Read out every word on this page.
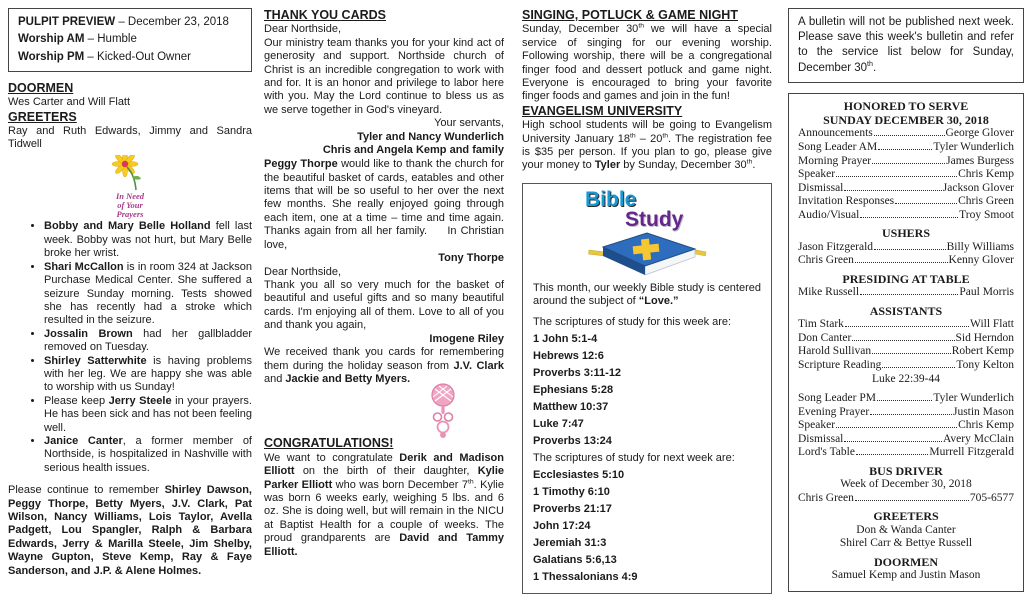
PULPIT PREVIEW – December 23, 2018
Worship AM – Humble
Worship PM – Kicked-Out Owner
DOORMEN

Wes Carter and Will Flatt

GREETERS

Ray and Ruth Edwards, Jimmy and Sandra Tidwell

In Need
of Your
Prayers
• Bobby and Mary Belle Holland fell last week. Bobby was not hurt, but Mary Belle broke her wrist.
• Shari McCallon is in room 324 at Jackson Purchase Medical Center. She suffered a seizure Sunday morning. Tests showed she has recently had a stroke which resulted in the seizure.
• Jossalin Brown had her gallbladder removed on Tuesday.
• Shirley Satterwhite is having problems with her leg. We are happy she was able to worship with us Sunday!
• Please keep Jerry Steele in your prayers. He has been sick and has not been feeling well.
• Janice Canter, a former member of Northside, is hospitalized in Nashville with serious health issues.

Please continue to remember Shirley Dawson, Peggy Thorpe, Betty Myers, J.V. Clark, Pat Wilson, Nancy Williams, Lois Taylor, Avella Padgett, Lou Spangler, Ralph & Barbara Edwards, Jerry & Marilla Steele, Jim Shelby, Wayne Gupton, Steve Kemp, Ray & Faye Sanderson, and J.P. & Alene Holmes.

THANK YOU CARDS

Dear Northside,

Our ministry team thanks you for your kind act of generosity and support. Northside church of Christ is an incredible congregation to work with and for. It is an honor and privilege to labor here with you. May the Lord continue to bless us as we serve together in God's vineyard.

Your servants,

Tyler and Nancy Wunderlich

Chris and Angela Kemp and family

Peggy Thorpe would like to thank the church for the beautiful basket of cards, eatables and other items that will be so useful to her over the next few months. She really enjoyed going through each item, one at a time – time and time again. Thanks again from all her family.     In Christian love,

Tony Thorpe

Dear Northside,

Thank you all so very much for the basket of beautiful and useful gifts and so many beautiful cards. I'm enjoying all of them. Love to all of you and thank you again,

Imogene Riley

We received thank you cards for remembering them during the holiday season from J.V. Clark and Jackie and Betty Myers.

CONGRATULATIONS!

We want to congratulate Derik and Madison Elliott on the birth of their daughter, Kylie Parker Elliott who was born December 7th. Kylie was born 6 weeks early, weighing 5 lbs. and 6 oz. She is doing well, but will remain in the NICU at Baptist Health for a couple of weeks. The proud grandparents are David and Tammy Elliott.

SINGING, POTLUCK & GAME NIGHT

Sunday, December 30th we will have a special service of singing for our evening worship. Following worship, there will be a congregational finger food and dessert potluck and game night. Everyone is encouraged to bring your favorite finger foods and games and join in the fun!

EVANGELISM UNIVERSITY

High school students will be going to Evangelism University January 18th – 20th. The registration fee is $35 per person. If you plan to go, please give your money to Tyler by Sunday, December 30th.

Bible
Study

This month, our weekly Bible study is centered around the subject of “Love.”

The scriptures of study for this week are:

1 John 5:1-4
Hebrews 12:6
Proverbs 3:11-12
Ephesians 5:28
Matthew 10:37
Luke 7:47
Proverbs 13:24

The scriptures of study for next week are:

Ecclesiastes 5:10
1 Timothy 6:10
Proverbs 21:17
John 17:24
Jeremiah 31:3
Galatians 5:6,13
1 Thessalonians 4:9

A bulletin will not be published next week. Please save this week's bulletin and refer to the service list below for Sunday, December 30th.

HONORED TO SERVE
SUNDAY DECEMBER 30, 2018
Announcements	George Glover
Song Leader AM	Tyler Wunderlich
Morning Prayer	James Burgess
Speaker	Chris Kemp
Dismissal	Jackson Glover
Invitation Responses	Chris Green
Audio/Visual	Troy Smoot
USHERS
Jason Fitzgerald	Billy Williams
Chris Green	Kenny Glover
PRESIDING AT TABLE
Mike Russell	Paul Morris
ASSISTANTS
Tim Stark	Will Flatt
Don Canter	Sid Herndon
Harold Sullivan	Robert Kemp
Scripture Reading	Tony Kelton
Luke 22:39-44
Song Leader PM	Tyler Wunderlich
Evening Prayer	Justin Mason
Speaker	Chris Kemp
Dismissal	Avery McClain
Lord's Table	Murrell Fitzgerald
BUS DRIVER
Week of December 30, 2018
Chris Green	705-6577
GREETERS
Don & Wanda Canter
Shirel Carr & Bettye Russell
DOORMEN
Samuel Kemp and Justin Mason
